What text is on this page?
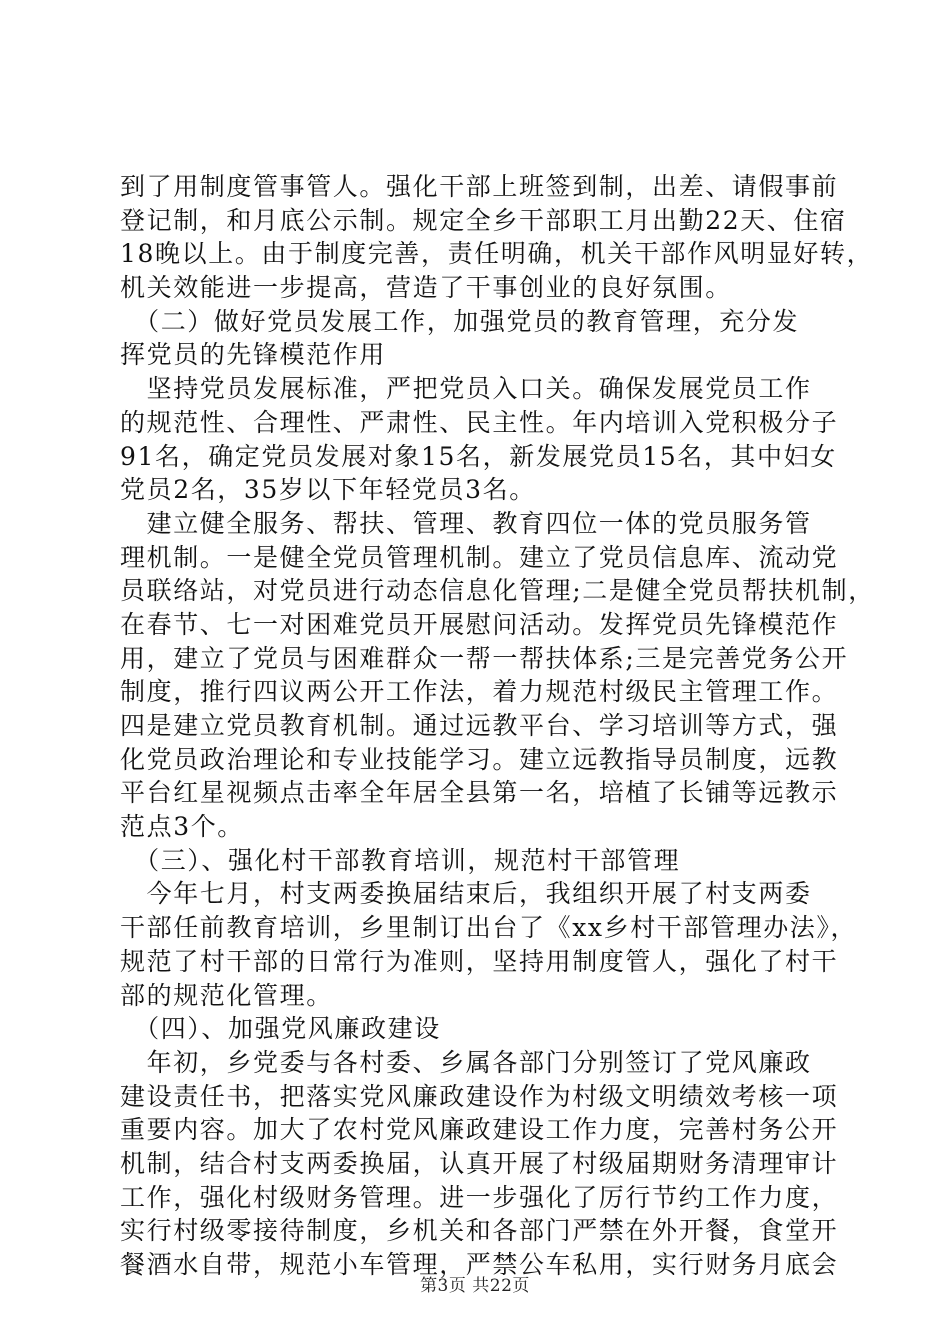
到了用制度管事管人。强化干部上班签到制，出差、请假事前
登记制，和月底公示制。规定全乡干部职工月出勤22天、住宿
18晚以上。由于制度完善，责任明确，机关干部作风明显好转，
机关效能进一步提高，营造了干事创业的良好氛围。
　（二）做好党员发展工作，加强党员的教育管理，充分发
挥党员的先锋模范作用
　坚持党员发展标准，严把党员入口关。确保发展党员工作
的规范性、合理性、严肃性、民主性。年内培训入党积极分子
91名，确定党员发展对象15名，新发展党员15名，其中妇女
党员2名，35岁以下年轻党员3名。
　建立健全服务、帮扶、管理、教育四位一体的党员服务管
理机制。一是健全党员管理机制。建立了党员信息库、流动党
员联络站，对党员进行动态信息化管理;二是健全党员帮扶机制，
在春节、七一对困难党员开展慰问活动。发挥党员先锋模范作
用，建立了党员与困难群众一帮一帮扶体系;三是完善党务公开
制度，推行四议两公开工作法，着力规范村级民主管理工作。
四是建立党员教育机制。通过远教平台、学习培训等方式，强
化党员政治理论和专业技能学习。建立远教指导员制度，远教
平台红星视频点击率全年居全县第一名，培植了长铺等远教示
范点3个。
　（三）、强化村干部教育培训，规范村干部管理
　今年七月，村支两委换届结束后，我组织开展了村支两委
干部任前教育培训，乡里制订出台了《xx乡村干部管理办法》，
规范了村干部的日常行为准则，坚持用制度管人，强化了村干
部的规范化管理。
　（四）、加强党风廉政建设
　年初，乡党委与各村委、乡属各部门分别签订了党风廉政
建设责任书，把落实党风廉政建设作为村级文明绩效考核一项
重要内容。加大了农村党风廉政建设工作力度，完善村务公开
机制，结合村支两委换届，认真开展了村级届期财务清理审计
工作，强化村级财务管理。进一步强化了厉行节约工作力度，
实行村级零接待制度，乡机关和各部门严禁在外开餐，食堂开
餐酒水自带，规范小车管理，严禁公车私用，实行财务月底会
第3页 共22页
